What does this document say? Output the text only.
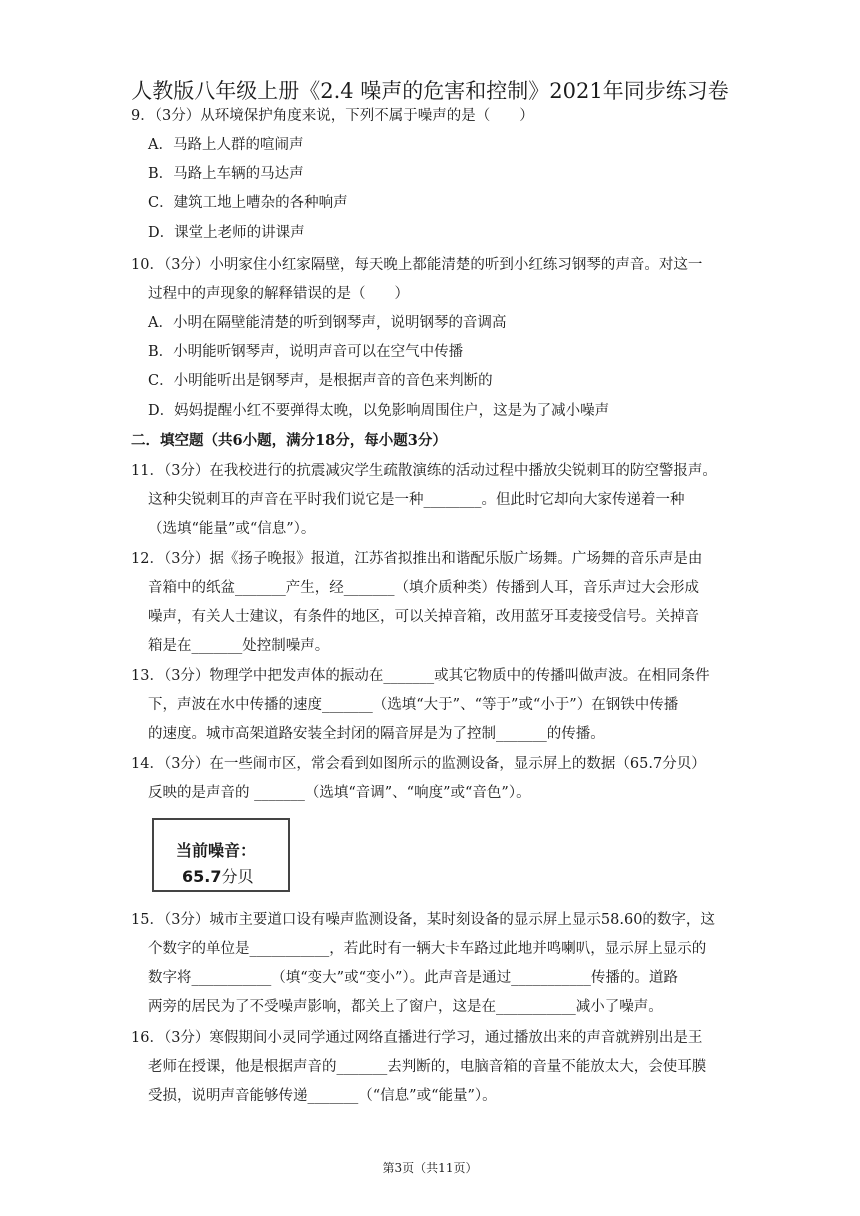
人教版八年级上册《2.4 噪声的危害和控制》2021年同步练习卷
9．（3分）从环境保护角度来说，下列不属于噪声的是（　　）
A．马路上人群的喧闹声
B．马路上车辆的马达声
C．建筑工地上嘈杂的各种响声
D．课堂上老师的讲课声
10．（3分）小明家住小红家隔壁，每天晚上都能清楚的听到小红练习钢琴的声音。对这一
过程中的声现象的解释错误的是（　　）
A．小明在隔壁能清楚的听到钢琴声，说明钢琴的音调高
B．小明能听钢琴声，说明声音可以在空气中传播
C．小明能听出是钢琴声，是根据声音的音色来判断的
D．妈妈提醒小红不要弹得太晚，以免影响周围住户，这是为了减小噪声
二．填空题（共6小题，满分18分，每小题3分）
11．（3分）在我校进行的抗震减灾学生疏散演练的活动过程中播放尖锐刺耳的防空警报声。
这种尖锐刺耳的声音在平时我们说它是一种________。但此时它却向大家传递着一种
（选填“能量”或“信息”）。
12．（3分）据《扬子晚报》报道，江苏省拟推出和谐配乐版广场舞。广场舞的音乐声是由
音箱中的纸盆_______产生，经_______（填介质种类）传播到人耳，音乐声过大会形成
噪声，有关人士建议，有条件的地区，可以关掉音箱，改用蓝牙耳麦接受信号。关掉音
箱是在_______处控制噪声。
13．（3分）物理学中把发声体的振动在_______或其它物质中的传播叫做声波。在相同条件
下，声波在水中传播的速度_______（选填“大于”、“等于”或“小于”）在钢铁中传播
的速度。城市高架道路安装全封闭的隔音屏是为了控制_______的传播。
14．（3分）在一些闹市区，常会看到如图所示的监测设备，显示屏上的数据（65.7分贝）
反映的是声音的 _______（选填“音调”、“响度”或“音色”）。
当前噪音：
65.7分贝
15．（3分）城市主要道口设有噪声监测设备，某时刻设备的显示屏上显示58.60的数字，这
个数字的单位是___________，若此时有一辆大卡车路过此地并鸣喇叭，显示屏上显示的
数字将___________（填“变大”或“变小”）。此声音是通过___________传播的。道路
两旁的居民为了不受噪声影响，都关上了窗户，这是在___________减小了噪声。
16．（3分）寒假期间小灵同学通过网络直播进行学习，通过播放出来的声音就辨别出是王
老师在授课，他是根据声音的_______去判断的，电脑音箱的音量不能放太大，会使耳膜
受损，说明声音能够传递_______（“信息”或“能量”）。
第3页（共11页）
